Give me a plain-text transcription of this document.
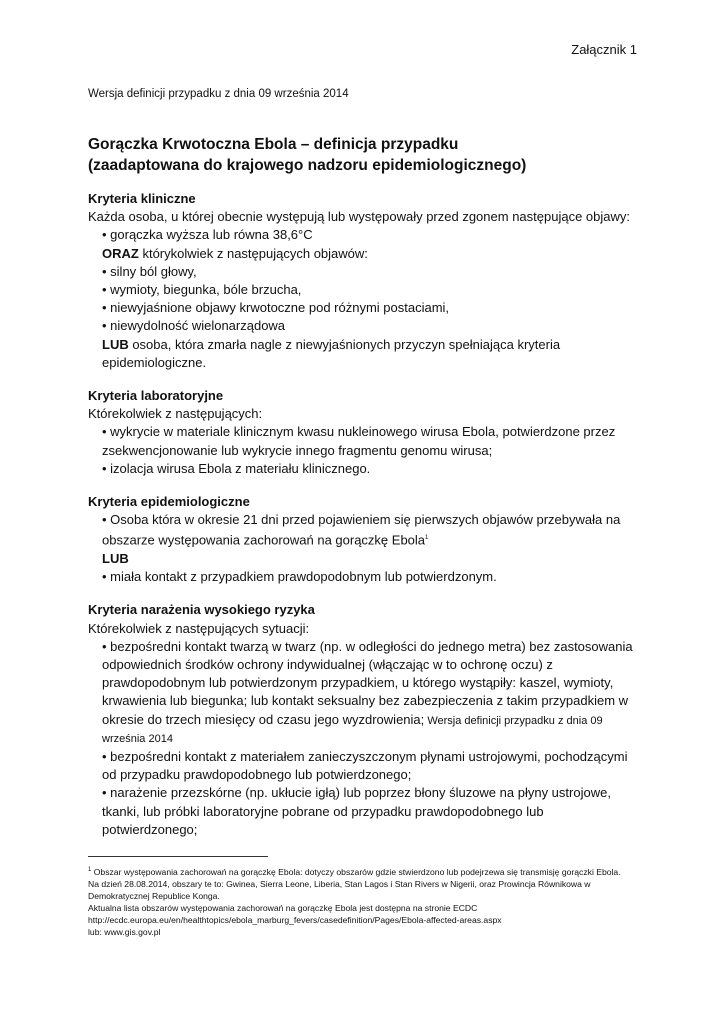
Załącznik 1
Wersja definicji przypadku z dnia 09 września 2014
Gorączka Krwotoczna Ebola – definicja przypadku
(zaadaptowana do krajowego nadzoru epidemiologicznego)
Kryteria kliniczne
Każda osoba, u której obecnie występują lub występowały przed zgonem następujące objawy:
• gorączka wyższa lub równa 38,6°C
ORAZ którykolwiek z następujących objawów:
• silny ból głowy,
• wymioty, biegunka, bóle brzucha,
• niewyjaśnione objawy krwotoczne pod różnymi postaciami,
• niewydolność wielonarządowa
LUB osoba, która zmarła nagle z niewyjaśnionych przyczyn spełniająca kryteria
epidemiologiczne.
Kryteria laboratoryjne
Którekolwiek z następujących:
• wykrycie w materiale klinicznym kwasu nukleinowego wirusa Ebola, potwierdzone przez
zsekwencjonowanie lub wykrycie innego fragmentu genomu wirusa;
• izolacja wirusa Ebola z materiału klinicznego.
Kryteria epidemiologiczne
• Osoba która w okresie 21 dni przed pojawieniem się pierwszych objawów przebywała na
obszarze występowania zachorowań na gorączkę Ebola$^1$
LUB
• miała kontakt z przypadkiem prawdopodobnym lub potwierdzonym.
Kryteria narażenia wysokiego ryzyka
Którekolwiek z następujących sytuacji:
• bezpośredni kontakt twarzą w twarz (np. w odległości do jednego metra) bez zastosowania
odpowiednich środków ochrony indywidualnej (włączając w to ochronę oczu) z
prawdopodobnym lub potwierdzonym przypadkiem, u którego wystąpiły: kaszel, wymioty,
krwawienia lub biegunka; lub kontakt seksualny bez zabezpieczenia z takim przypadkiem w
okresie do trzech miesięcy od czasu jego wyzdrowienia; Wersja definicji przypadku z dnia 09
września 2014
• bezpośredni kontakt z materiałem zanieczyszczonym płynami ustrojowymi, pochodzącymi
od przypadku prawdopodobnego lub potwierdzonego;
• narażenie przezskórne (np. ukłucie igłą) lub poprzez błony śluzowe na płyny ustrojowe,
tkanki, lub próbki laboratoryjne pobrane od przypadku prawdopodobnego lub
potwierdzonego;
$^1$ Obszar występowania zachorowań na gorączkę Ebola: dotyczy obszarów gdzie stwierdzono lub podejrzewa się transmisję gorączki Ebola.
Na dzień 28.08.2014, obszary te to: Gwinea, Sierra Leone, Liberia, Stan Lagos i Stan Rivers w Nigerii, oraz Prowincja Równikowa w
Demokratycznej Republice Konga.
Aktualna lista obszarów występowania zachorowań na gorączkę Ebola jest dostępna na stronie ECDC
http://ecdc.europa.eu/en/healthtopics/ebola_marburg_fevers/casedefinition/Pages/Ebola-affected-areas.aspx
lub: www.gis.gov.pl
